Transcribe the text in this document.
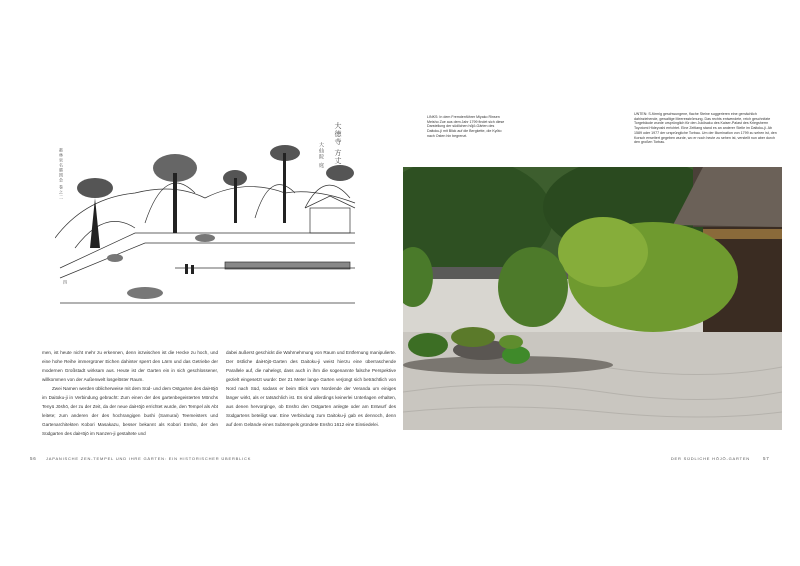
都林泉名勝図会 巻之二
大徳寺 方丈
大仙院 庭
四

men, ist heute nicht mehr zu erkennen, denn inzwischen ist die Hecke zu hoch, und eine hohe Reihe immergrüner Eichen dahinter sperrt den Lärm und das Getriebe der modernen Großstadt wirksam aus. Heute ist der Garten ein in sich geschlossener, willkommen von der Außenwelt losgelöster Raum.

Zwei Namen werden üblicherweise mit dem Süd- und dem Ostgarten des daiHōjō im Daitoku-ji in Verbindung gebracht: Zum einen der des gartenbegeisterten Mönchs Tenyū Jōshō, der zu der Zeit, da der neue daiHōjō errichtet wurde, den Tempel als Abt leitete; zum anderen der des hochrangigen bushi (Samurai) Teemeisters und Gartenarchitekten Kobori Masakazu, besser bekannt als Kobori Enshū, der den Südgarten des daiHōjō im Nanzen-ji gestaltete und

dabei äußerst geschickt die Wahrnehmung von Raum und Entfernung manipulierte. Der östliche daiHōjō-Garten des Daitoku-ji weist hierzu eine überraschende Parallele auf, die nahelegt, dass auch in ihm die sogenannte falsche Perspektive gezielt eingesetzt wurde: Der 21 Meter lange Garten verjüngt sich beträchtlich von Nord nach Süd, sodass er beim Blick vom Nordende der Veranda um einiges länger wirkt, als er tatsächlich ist. Es sind allerdings keinerlei Unterlagen erhalten, aus denen hervorginge, ob Enshū den Ostgarten anlegte oder am Entwurf des Südgartens beteiligt war. Eine Verbindung zum Daitoku-ji gab es dennoch, denn auf dem Gelände eines Subtempels gründete Enshū 1612 eine Einsiedelei.

LINKS: In dem Fremdenführer Miyako Rinsen Meisho Zue aus dem Jahr 1799 findet sich diese Darstellung der südlichen hōjō-Gärten des Daitoku-ji mit Blick auf die Bergkette, die Kyōto nach Osten hin begrenzt.
UNTEN: S-förmig geschwungene, flache Steine suggerieren eine gemächlich dahinziehende, gewaltige Meeresströmung. Das rechts entwendete, reich geschnitzte Torgebäude wurde ursprünglich für den Jukōsaku des Kaiser-Palast des Kriegsherrn Toyotomi Hideyoshi errichtet. Eine Zeitlang stand es an anderer Stelle im Daitoku-ji. Ab 1589 oder 1977 der ursprüngliche Torbau. Um der Illumination von 1799 zu sehen ist, den Korsch erweitert gegeben wurde, wo er noch heute zu sehen ist, verstellt nun aber durch den großen Torbau.
56 JAPANISCHE ZEN-TEMPEL UND IHRE GÄRTEN: EIN HISTORISCHER ÜBERBLICK	DER SÜDLICHE HŌJŌ-GARTEN	57
